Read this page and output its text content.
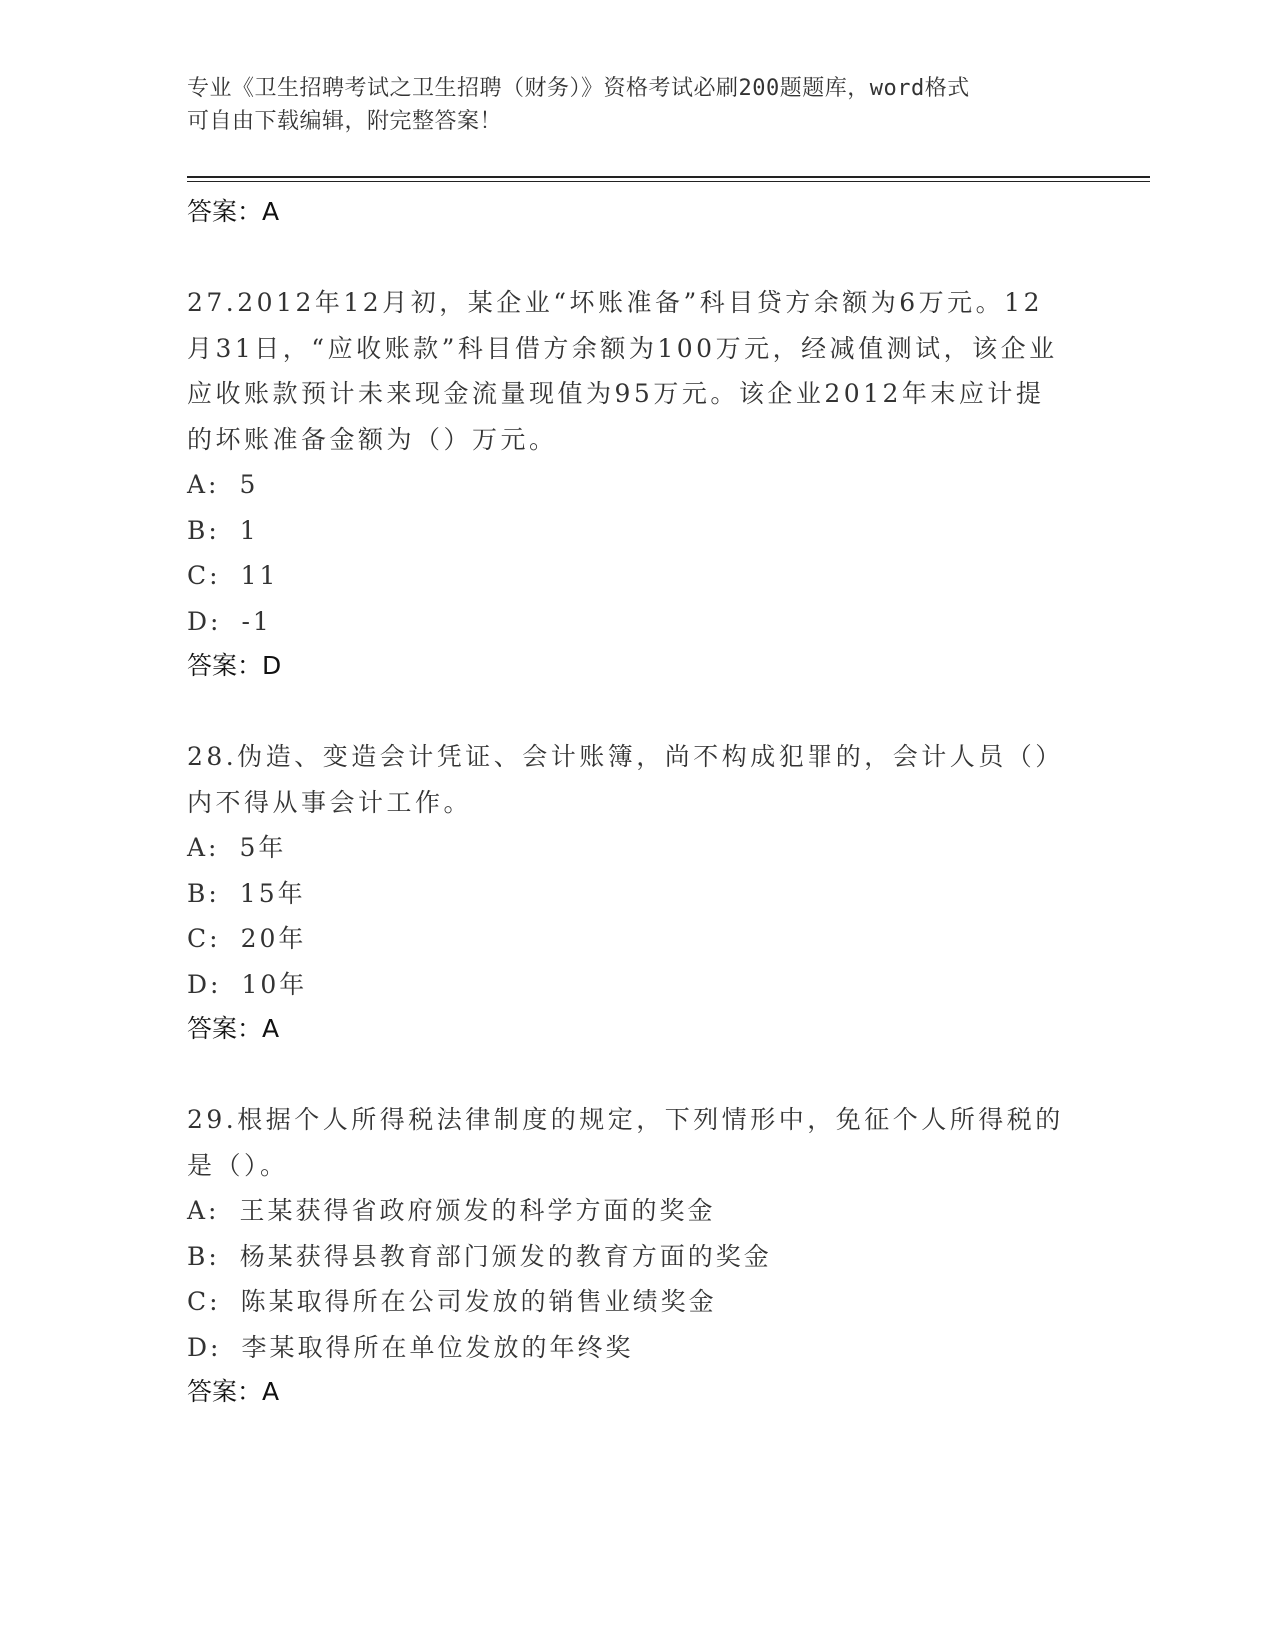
专业《卫生招聘考试之卫生招聘（财务）》资格考试必刷200题题库，word格式
可自由下载编辑，附完整答案！
答案：A
27.2012年12月初，某企业“坏账准备”科目贷方余额为6万元。12月31日，“应收账款”科目借方余额为100万元，经减值测试，该企业应收账款预计未来现金流量现值为95万元。该企业2012年末应计提的坏账准备金额为（）万元。
A: 5
B: 1
C: 11
D: -1
答案：D
28.伪造、变造会计凭证、会计账簿，尚不构成犯罪的，会计人员（）内不得从事会计工作。
A: 5年
B: 15年
C: 20年
D: 10年
答案：A
29.根据个人所得税法律制度的规定，下列情形中，免征个人所得税的是（）。
A: 王某获得省政府颁发的科学方面的奖金
B: 杨某获得县教育部门颁发的教育方面的奖金
C: 陈某取得所在公司发放的销售业绩奖金
D: 李某取得所在单位发放的年终奖
答案：A
